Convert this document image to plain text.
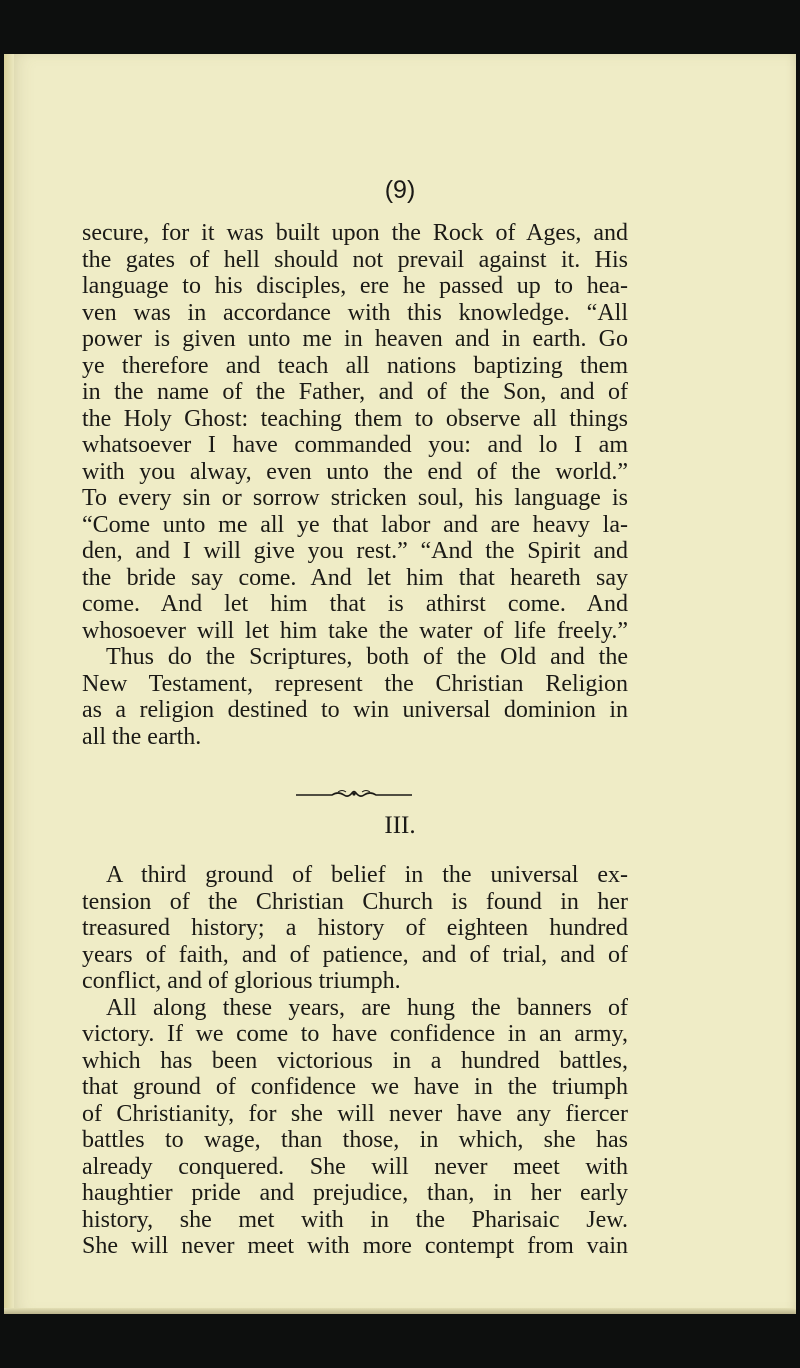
(9)
secure, for it was built upon the Rock of Ages, and
the gates of hell should not prevail against it. His
language to his disciples, ere he passed up to hea-
ven was in accordance with this knowledge. “All
power is given unto me in heaven and in earth. Go
ye therefore and teach all nations baptizing them
in the name of the Father, and of the Son, and of
the Holy Ghost: teaching them to observe all things
whatsoever I have commanded you: and lo I am
with you alway, even unto the end of the world.”
To every sin or sorrow stricken soul, his language is
“Come unto me all ye that labor and are heavy la-
den, and I will give you rest.” “And the Spirit and
the bride say come. And let him that heareth say
come. And let him that is athirst come. And
whosoever will let him take the water of life freely.”
Thus do the Scriptures, both of the Old and the
New Testament, represent the Christian Religion
as a religion destined to win universal dominion in
all the earth.
III.
A third ground of belief in the universal ex-
tension of the Christian Church is found in her
treasured history; a history of eighteen hundred
years of faith, and of patience, and of trial, and of
conflict, and of glorious triumph.
All along these years, are hung the banners of
victory. If we come to have confidence in an army,
which has been victorious in a hundred battles,
that ground of confidence we have in the triumph
of Christianity, for she will never have any fiercer
battles to wage, than those, in which, she has
already conquered. She will never meet with
haughtier pride and prejudice, than, in her early
history, she met with in the Pharisaic Jew.
She will never meet with more contempt from vain
